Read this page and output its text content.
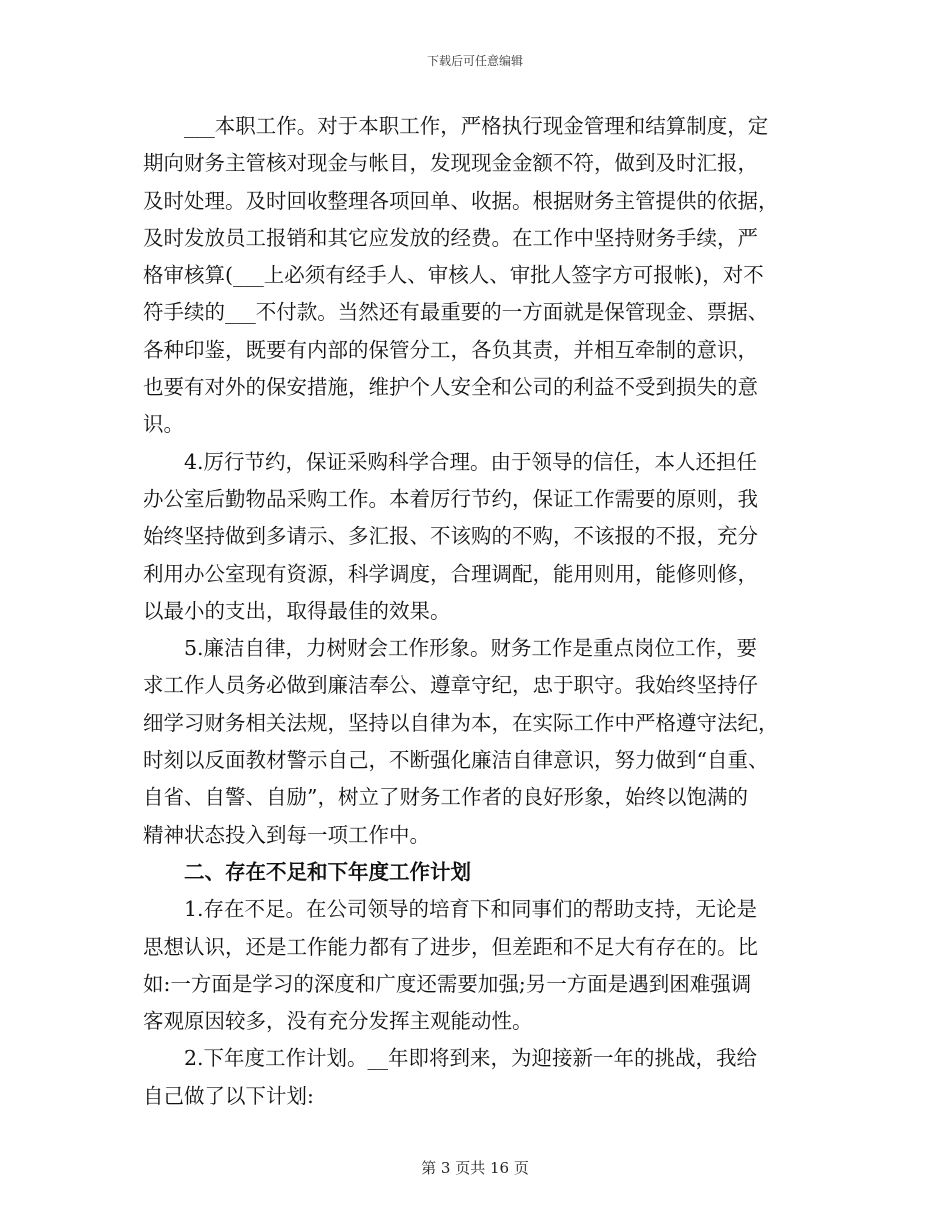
下载后可任意编辑
___本职工作。对于本职工作，严格执行现金管理和结算制度，定
期向财务主管核对现金与帐目，发现现金金额不符，做到及时汇报，
及时处理。及时回收整理各项回单、收据。根据财务主管提供的依据，
及时发放员工报销和其它应发放的经费。在工作中坚持财务手续，严
格审核算(___上必须有经手人、审核人、审批人签字方可报帐)，对不
符手续的___不付款。当然还有最重要的一方面就是保管现金、票据、
各种印鉴，既要有内部的保管分工，各负其责，并相互牵制的意识，
也要有对外的保安措施，维护个人安全和公司的利益不受到损失的意
识。
4.厉行节约，保证采购科学合理。由于领导的信任，本人还担任
办公室后勤物品采购工作。本着厉行节约，保证工作需要的原则，我
始终坚持做到多请示、多汇报、不该购的不购，不该报的不报，充分
利用办公室现有资源，科学调度，合理调配，能用则用，能修则修，
以最小的支出，取得最佳的效果。
5.廉洁自律，力树财会工作形象。财务工作是重点岗位工作，要
求工作人员务必做到廉洁奉公、遵章守纪，忠于职守。我始终坚持仔
细学习财务相关法规，坚持以自律为本，在实际工作中严格遵守法纪，
时刻以反面教材警示自己，不断强化廉洁自律意识，努力做到“自重、
自省、自警、自励”，树立了财务工作者的良好形象，始终以饱满的
精神状态投入到每一项工作中。
二、存在不足和下年度工作计划
1.存在不足。在公司领导的培育下和同事们的帮助支持，无论是
思想认识，还是工作能力都有了进步，但差距和不足大有存在的。比
如:一方面是学习的深度和广度还需要加强;另一方面是遇到困难强调
客观原因较多，没有充分发挥主观能动性。
2.下年度工作计划。__年即将到来，为迎接新一年的挑战，我给
自己做了以下计划:
第 3 页共 16 页
